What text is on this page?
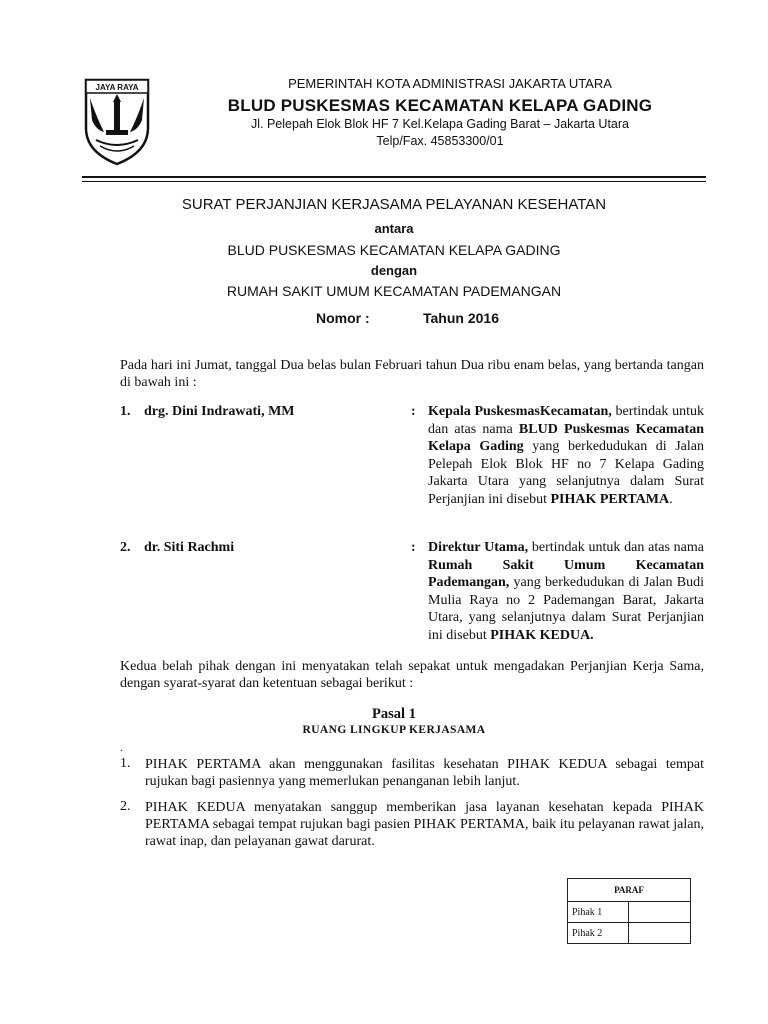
JAYA RAYA	PEMERINTAH KOTA ADMINISTRASI JAKARTA UTARA
BLUD PUSKESMAS KECAMATAN KELAPA GADING
Jl. Pelepah Elok Blok HF 7 Kel.Kelapa Gading Barat – Jakarta Utara
Telp/Fax. 45853300/01
SURAT PERJANJIAN KERJASAMA PELAYANAN KESEHATAN
antara
BLUD PUSKESMAS KECAMATAN KELAPA GADING
dengan
RUMAH SAKIT UMUM KECAMATAN PADEMANGAN
Nomor :	Tahun 2016
Pada hari ini Jumat, tanggal Dua belas bulan Februari tahun Dua ribu enam belas, yang bertanda tangan di bawah ini :
1. drg. Dini Indrawati, MM	: Kepala PuskesmasKecamatan, bertindak untuk dan atas nama BLUD Puskesmas Kecamatan Kelapa Gading yang berkedudukan di Jalan Pelepah Elok Blok HF no 7 Kelapa Gading Jakarta Utara yang selanjutnya dalam Surat Perjanjian ini disebut PIHAK PERTAMA.
2. dr. Siti Rachmi	: Direktur Utama, bertindak untuk dan atas nama Rumah Sakit Umum Kecamatan Pademangan, yang berkedudukan di Jalan Budi Mulia Raya no 2 Pademangan Barat, Jakarta Utara, yang selanjutnya dalam Surat Perjanjian ini disebut PIHAK KEDUA.
Kedua belah pihak dengan ini menyatakan telah sepakat untuk mengadakan Perjanjian Kerja Sama, dengan syarat-syarat dan ketentuan sebagai berikut :
Pasal 1
RUANG LINGKUP KERJASAMA
.
1. PIHAK PERTAMA akan menggunakan fasilitas kesehatan PIHAK KEDUA sebagai tempat rujukan bagi pasiennya yang memerlukan penanganan lebih lanjut.
2. PIHAK KEDUA menyatakan sanggup memberikan jasa layanan kesehatan kepada PIHAK PERTAMA sebagai tempat rujukan bagi pasien PIHAK PERTAMA, baik itu pelayanan rawat jalan, rawat inap, dan pelayanan gawat darurat.
PARAF	
Pihak 1	
Pihak 2	
